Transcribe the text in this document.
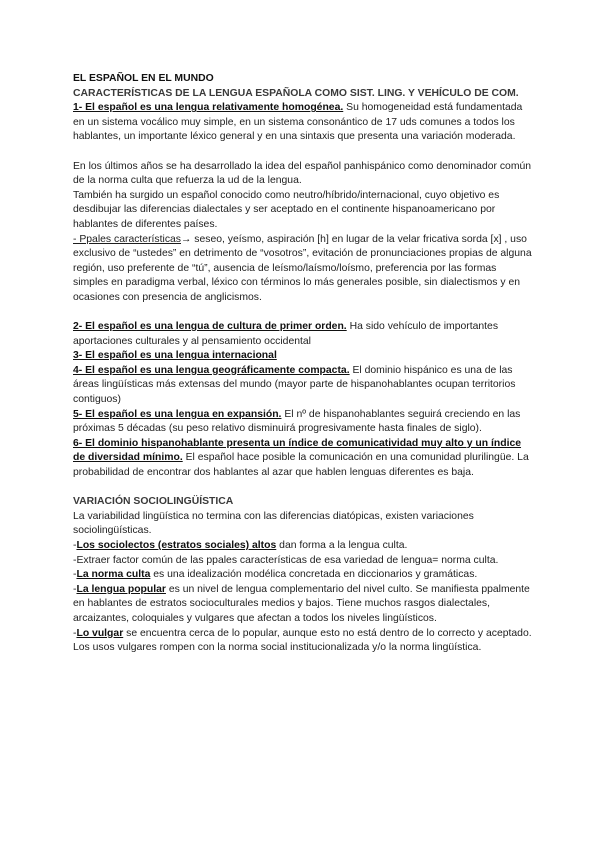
EL ESPAÑOL EN EL MUNDO

CARACTERÍSTICAS DE LA LENGUA ESPAÑOLA COMO SIST. LING. Y VEHÍCULO DE COM.

1- El español es una lengua relativamente homogénea. Su homogeneidad está fundamentada en un sistema vocálico muy simple, en un sistema consonántico de 17 uds comunes a todos los hablantes, un importante léxico general y en una sintaxis que presenta una variación moderada.

En los últimos años se ha desarrollado la idea del español panhispánico como denominador común de la norma culta que refuerza la ud de la lengua.

También ha surgido un español conocido como neutro/híbrido/internacional, cuyo objetivo es desdibujar las diferencias dialectales y ser aceptado en el continente hispanoamericano por hablantes de diferentes países.

- Ppales características→ seseo, yeísmo, aspiración [h] en lugar de la velar fricativa sorda [x] , uso exclusivo de “ustedes” en detrimento de “vosotros”, evitación de pronunciaciones propias de alguna región, uso preferente de “tú”, ausencia de leísmo/laísmo/loísmo, preferencia por las formas simples en paradigma verbal, léxico con términos lo más generales posible, sin dialectismos y en ocasiones con presencia de anglicismos.

2- El español es una lengua de cultura de primer orden. Ha sido vehículo de importantes aportaciones culturales y al pensamiento occidental

3- El español es una lengua internacional

4- El español es una lengua geográficamente compacta. El dominio hispánico es una de las áreas lingüísticas más extensas del mundo (mayor parte de hispanohablantes ocupan territorios contiguos)

5- El español es una lengua en expansión. El nº de hispanohablantes seguirá creciendo en las próximas 5 décadas (su peso relativo disminuirá progresivamente hasta finales de siglo).

6- El dominio hispanohablante presenta un índice de comunicatividad muy alto y un índice de diversidad mínimo. El español hace posible la comunicación en una comunidad plurilingüe. La probabilidad de encontrar dos hablantes al azar que hablen lenguas diferentes es baja.

VARIACIÓN SOCIOLINGÜÍSTICA

La variabilidad lingüística no termina con las diferencias diatópicas, existen variaciones sociolingüísticas.

-Los sociolectos (estratos sociales) altos dan forma a la lengua culta.

-Extraer factor común de las ppales características de esa variedad de lengua= norma culta.

-La norma culta es una idealización modélica concretada en diccionarios y gramáticas.

-La lengua popular es un nivel de lengua complementario del nivel culto. Se manifiesta ppalmente en hablantes de estratos socioculturales medios y bajos. Tiene muchos rasgos dialectales, arcaizantes, coloquiales y vulgares que afectan a todos los niveles lingüísticos.

-Lo vulgar se encuentra cerca de lo popular, aunque esto no está dentro de lo correcto y aceptado. Los usos vulgares rompen con la norma social institucionalizada y/o la norma lingüística.
